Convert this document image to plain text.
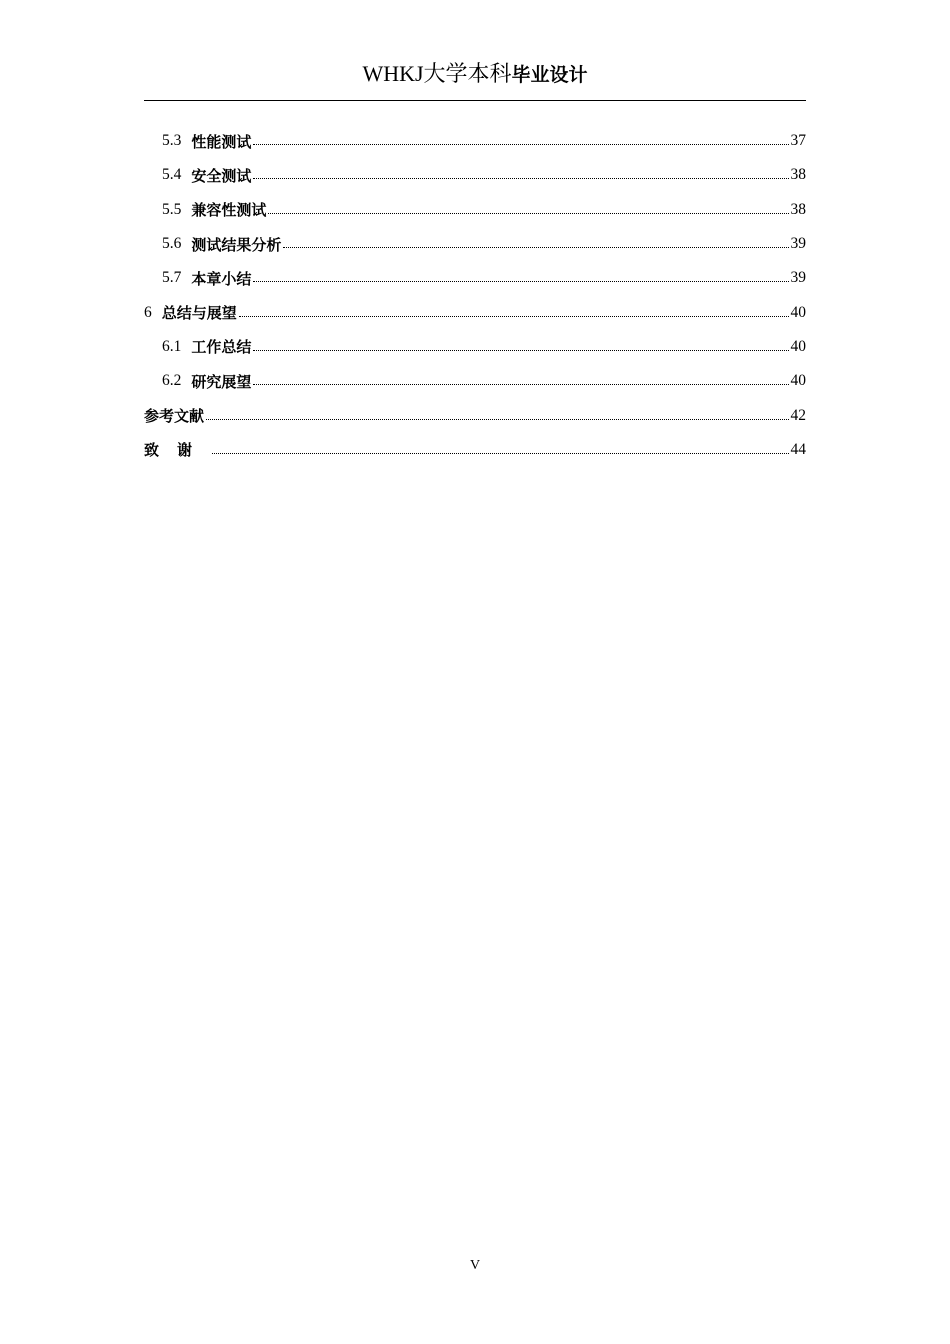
WHKJ大学本科毕业设计
5.3 性能测试	37
5.4 安全测试	38
5.5 兼容性测试	38
5.6 测试结果分析	39
5.7 本章小结	39
6 总结与展望	40
6.1 工作总结	40
6.2 研究展望	40
参考文献	42
致谢	44
V
